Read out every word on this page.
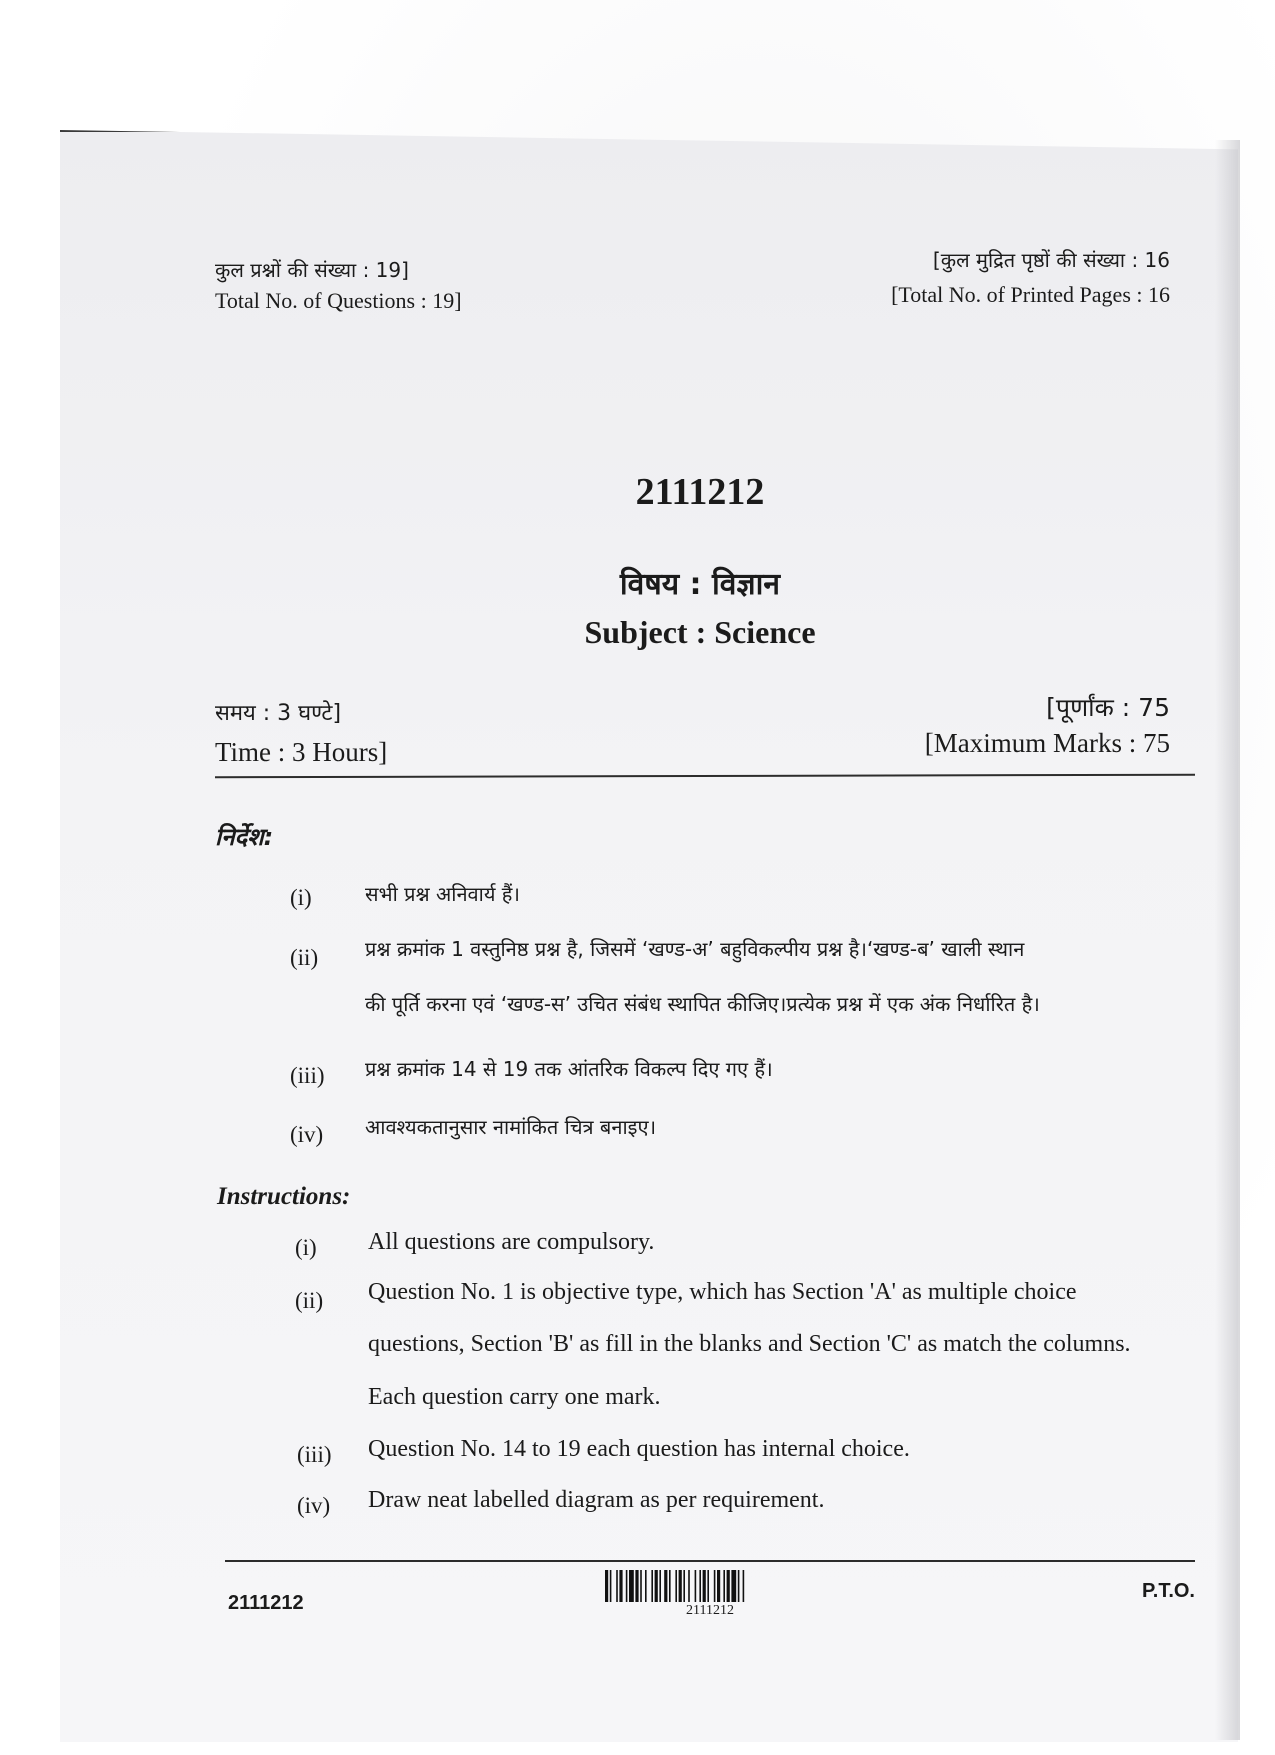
कुल प्रश्नों की संख्या : 19]
Total No. of Questions : 19]
[कुल मुद्रित पृष्ठों की संख्या : 16
[Total No. of Printed Pages : 16
2111212
विषय : विज्ञान
Subject : Science
समय : 3 घण्टे]
Time : 3 Hours]
[पूर्णांक : 75
[Maximum Marks : 75
निर्देश:
(i)	सभी प्रश्न अनिवार्य हैं।
(ii) प्रश्न क्रमांक 1 वस्तुनिष्ठ प्रश्न है, जिसमें ‘खण्ड-अ’ बहुविकल्पीय प्रश्न है।‘खण्ड-ब’ खाली स्थान
की पूर्ति करना एवं ‘खण्ड-स’ उचित संबंध स्थापित कीजिए।प्रत्येक प्रश्न में एक अंक निर्धारित है।
(iii) प्रश्न क्रमांक 14 से 19 तक आंतरिक विकल्प दिए गए हैं।
(iv) आवश्यकतानुसार नामांकित चित्र बनाइए।
Instructions:
(i) All questions are compulsory.
(ii) Question No. 1 is objective type, which has Section 'A' as multiple choice
questions, Section 'B' as fill in the blanks and Section 'C' as match the columns.
Each question carry one mark.
(iii) Question No. 14 to 19 each question has internal choice.
(iv) Draw neat labelled diagram as per requirement.
2111212	2111212
P.T.O.
